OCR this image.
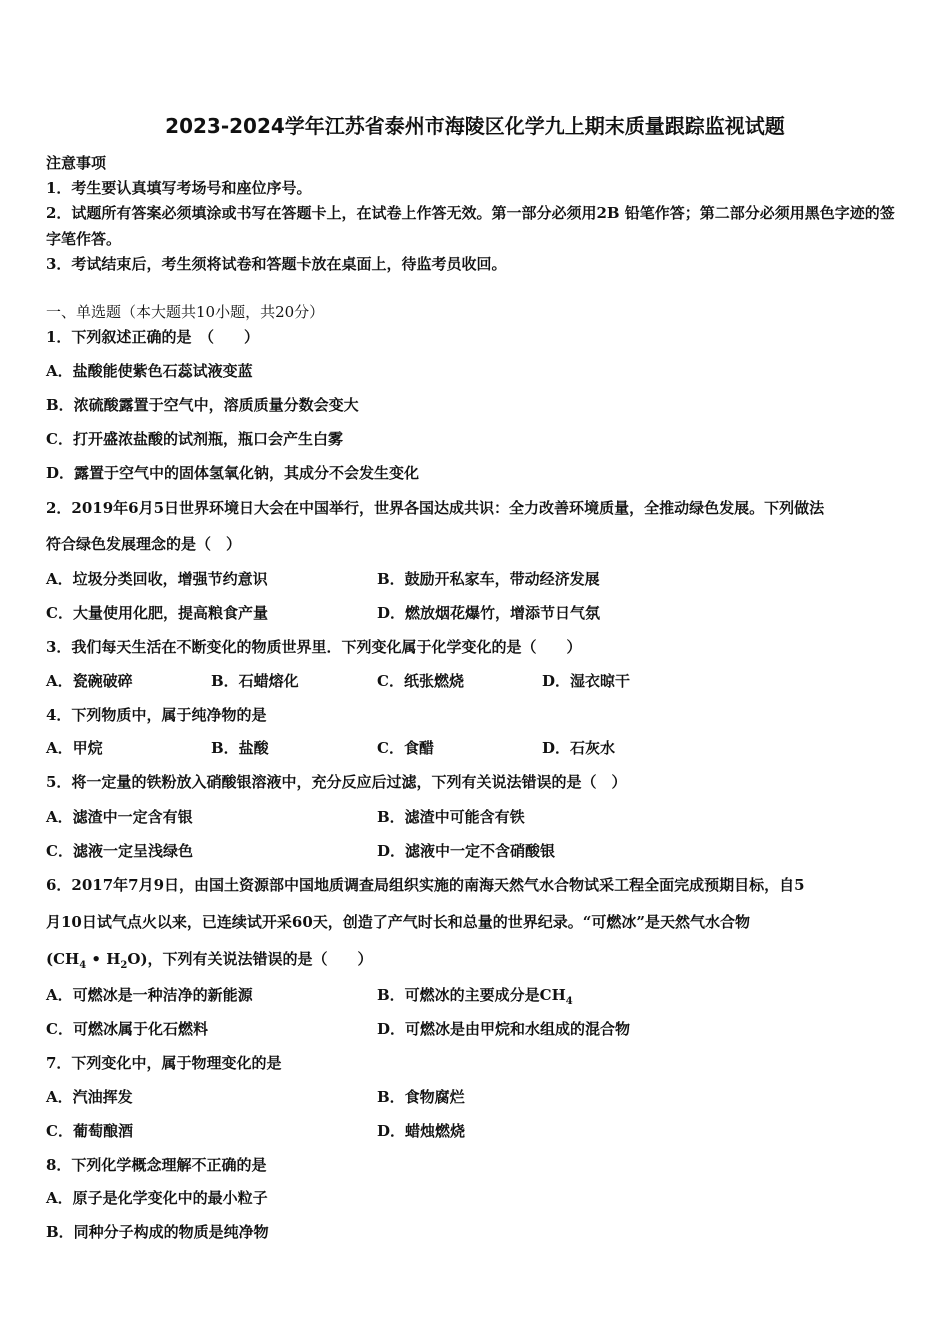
2023-2024学年江苏省泰州市海陵区化学九上期末质量跟踪监视试题
注意事项
1．考生要认真填写考场号和座位序号。
2．试题所有答案必须填涂或书写在答题卡上，在试卷上作答无效。第一部分必须用2B 铅笔作答；第二部分必须用黑色字迹的签字笔作答。
3．考试结束后，考生须将试卷和答题卡放在桌面上，待监考员收回。
一、单选题（本大题共10小题，共20分）
1．下列叙述正确的是　（　　）
A．盐酸能使紫色石蕊试液变蓝
B．浓硫酸露置于空气中，溶质质量分数会变大
C．打开盛浓盐酸的试剂瓶，瓶口会产生白雾
D．露置于空气中的固体氢氧化钠，其成分不会发生变化
2．2019年6月5日世界环境日大会在中国举行，世界各国达成共识：全力改善环境质量，全推动绿色发展。下列做法
符合绿色发展理念的是（　）
A．垃圾分类回收，增强节约意识	B．鼓励开私家车，带动经济发展
C．大量使用化肥，提高粮食产量	D．燃放烟花爆竹，增添节日气氛
3．我们每天生活在不断变化的物质世界里．下列变化属于化学变化的是（　　）
A．瓷碗破碎	B．石蜡熔化	C．纸张燃烧	D．湿衣晾干
4．下列物质中，属于纯净物的是
A．甲烷	B．盐酸	C．食醋	D．石灰水
5．将一定量的铁粉放入硝酸银溶液中，充分反应后过滤，下列有关说法错误的是（　）
A．滤渣中一定含有银	B．滤渣中可能含有铁
C．滤液一定呈浅绿色	D．滤液中一定不含硝酸银
6．2017年7月9日，由国土资源部中国地质调查局组织实施的南海天然气水合物试采工程全面完成预期目标，自5
月10日试气点火以来，已连续试开采60天，创造了产气时长和总量的世界纪录。“可燃冰”是天然气水合物
($CH_4$ • $H_2O$)，下列有关说法错误的是（　　）
A．可燃冰是一种洁净的新能源	B．可燃冰的主要成分是$CH_4$
C．可燃冰属于化石燃料	D．可燃冰是由甲烷和水组成的混合物
7．下列变化中，属于物理变化的是
A．汽油挥发	B．食物腐烂
C．葡萄酿酒	D．蜡烛燃烧
8．下列化学概念理解不正确的是
A．原子是化学变化中的最小粒子
B．同种分子构成的物质是纯净物
